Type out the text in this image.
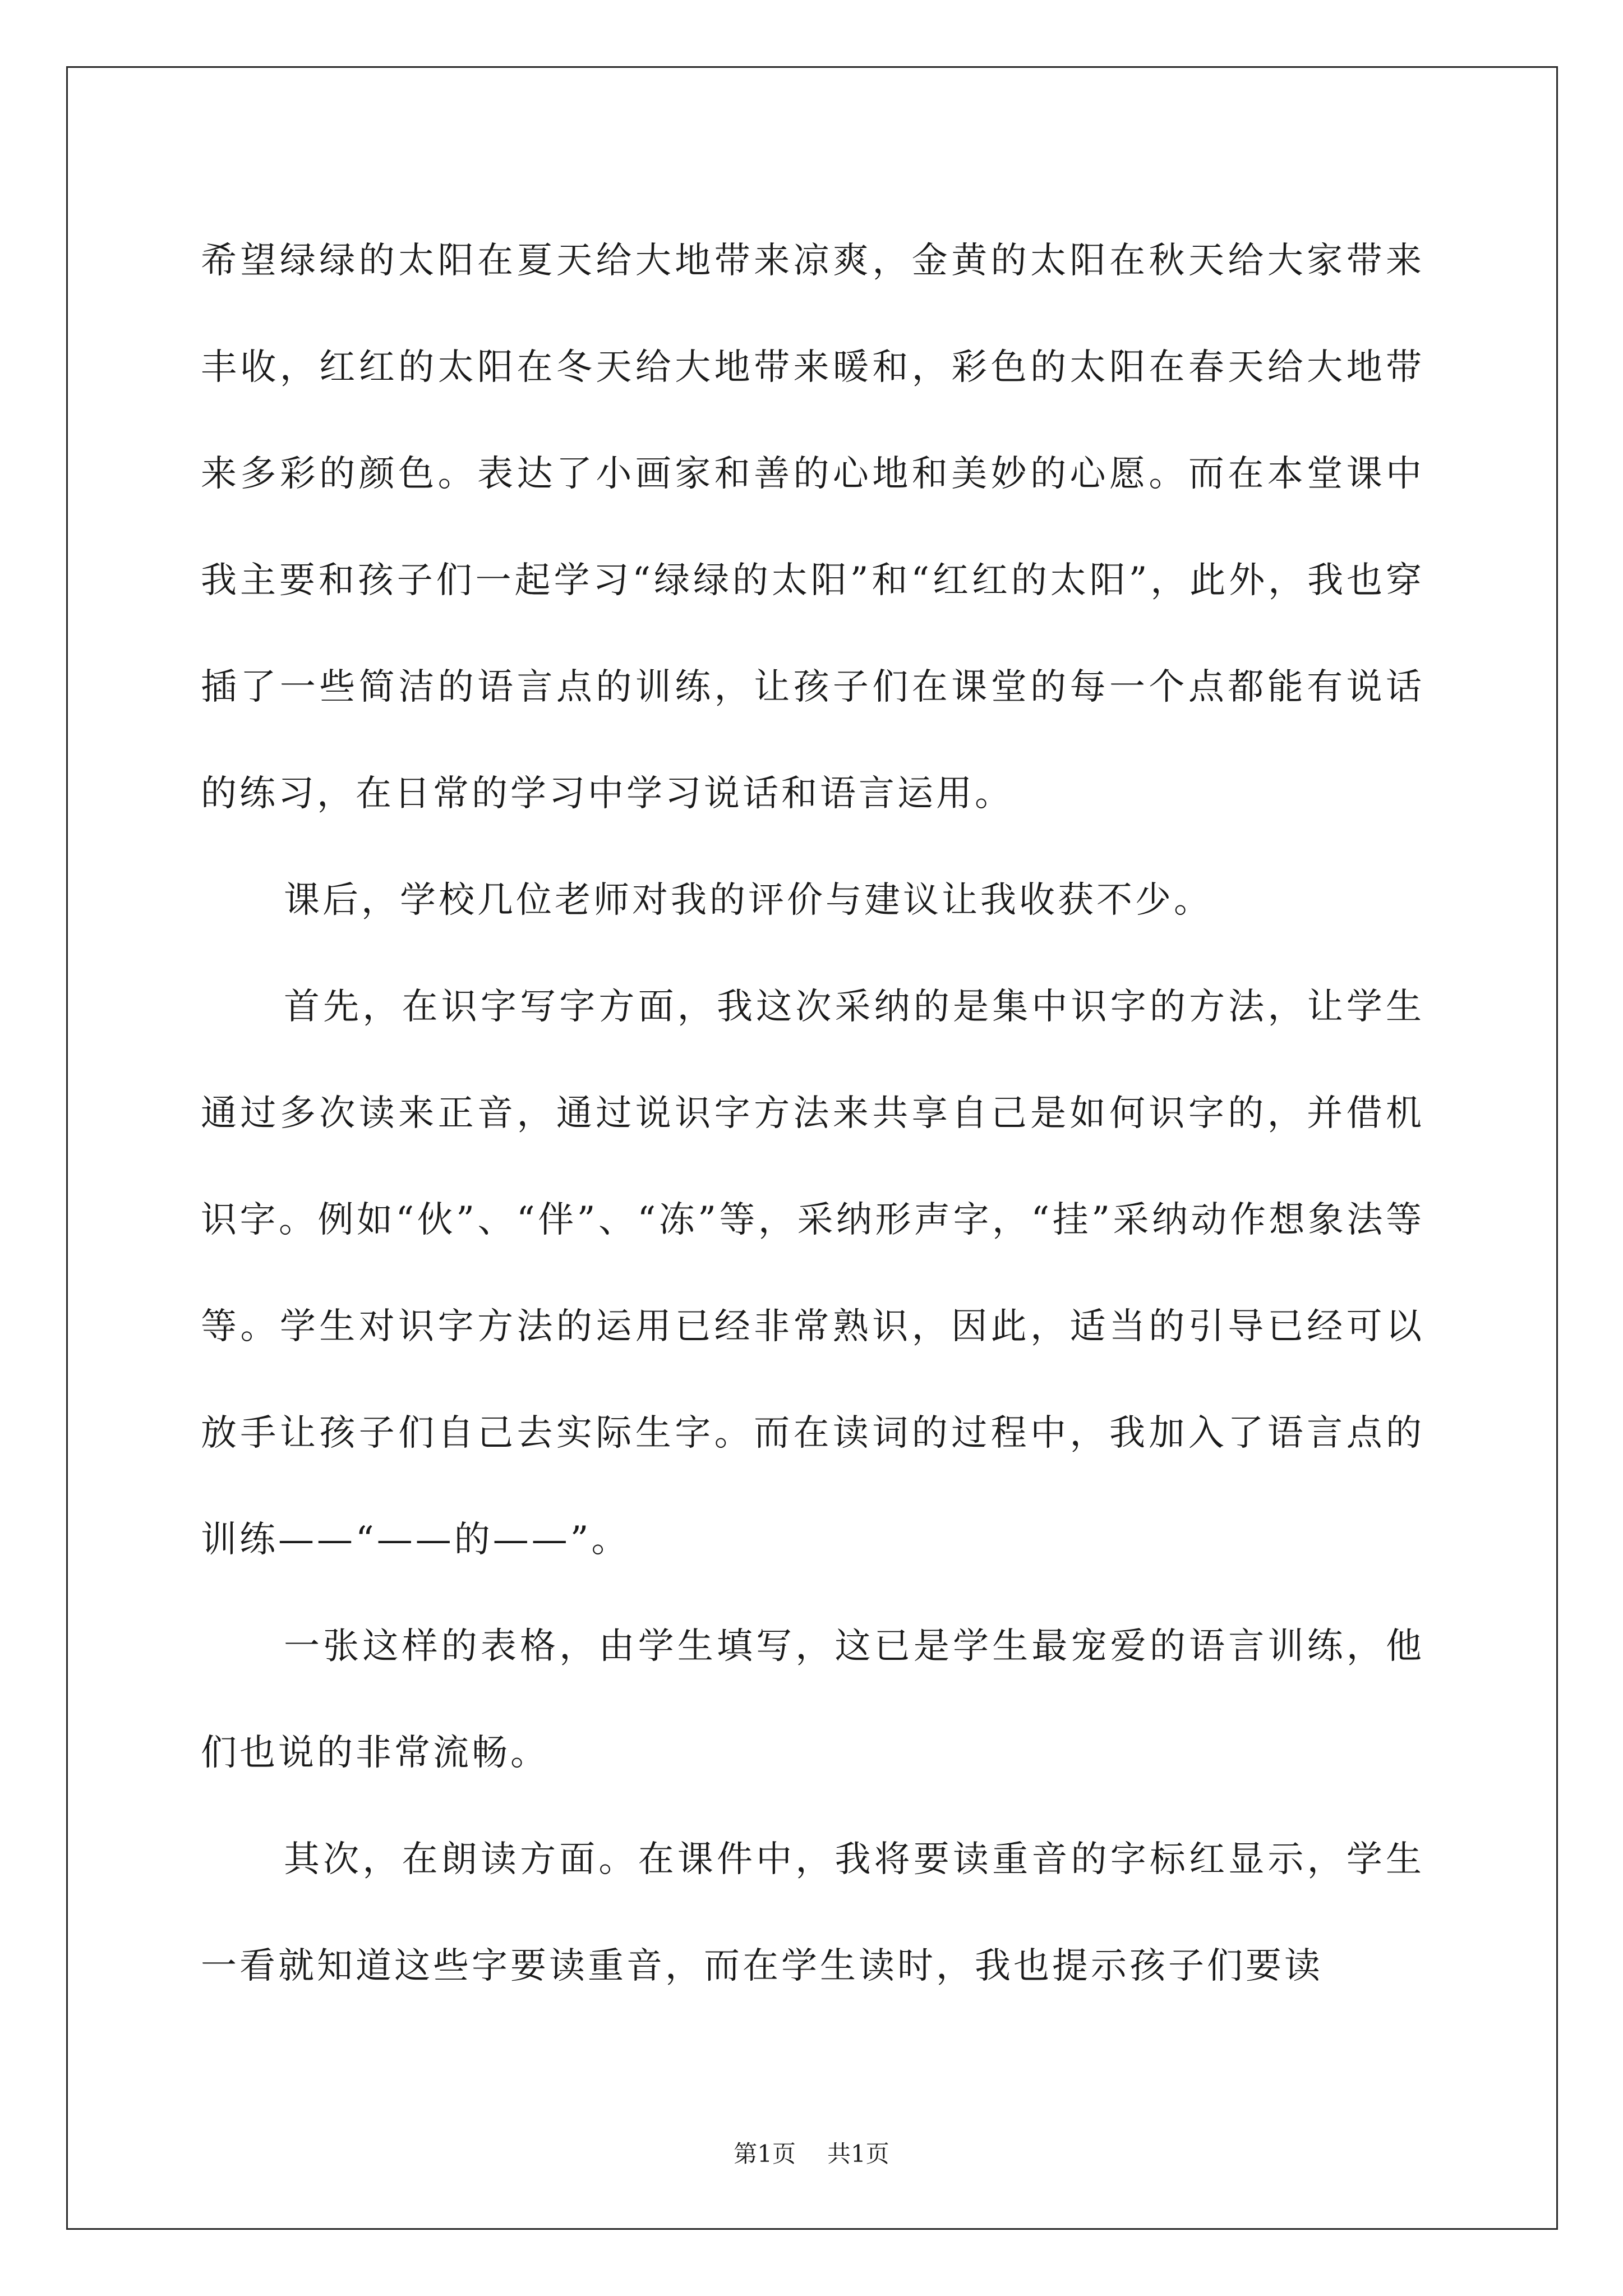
希望绿绿的太阳在夏天给大地带来凉爽，金黄的太阳在秋天给大家带来丰收，红红的太阳在冬天给大地带来暖和，彩色的太阳在春天给大地带来多彩的颜色。表达了小画家和善的心地和美妙的心愿。而在本堂课中我主要和孩子们一起学习“绿绿的太阳”和“红红的太阳”，此外，我也穿插了一些简洁的语言点的训练，让孩子们在课堂的每一个点都能有说话的练习，在日常的学习中学习说话和语言运用。

课后，学校几位老师对我的评价与建议让我收获不少。

首先，在识字写字方面，我这次采纳的是集中识字的方法，让学生通过多次读来正音，通过说识字方法来共享自己是如何识字的，并借机识字。例如“伙”、“伴”、“冻”等，采纳形声字，“挂”采纳动作想象法等等。学生对识字方法的运用已经非常熟识，因此，适当的引导已经可以放手让孩子们自己去实际生字。而在读词的过程中，我加入了语言点的训练——“——的——”。

一张这样的表格，由学生填写，这已是学生最宠爱的语言训练，他们也说的非常流畅。

其次，在朗读方面。在课件中，我将要读重音的字标红显示，学生一看就知道这些字要读重音，而在学生读时，我也提示孩子们要读

第1页 共1页
